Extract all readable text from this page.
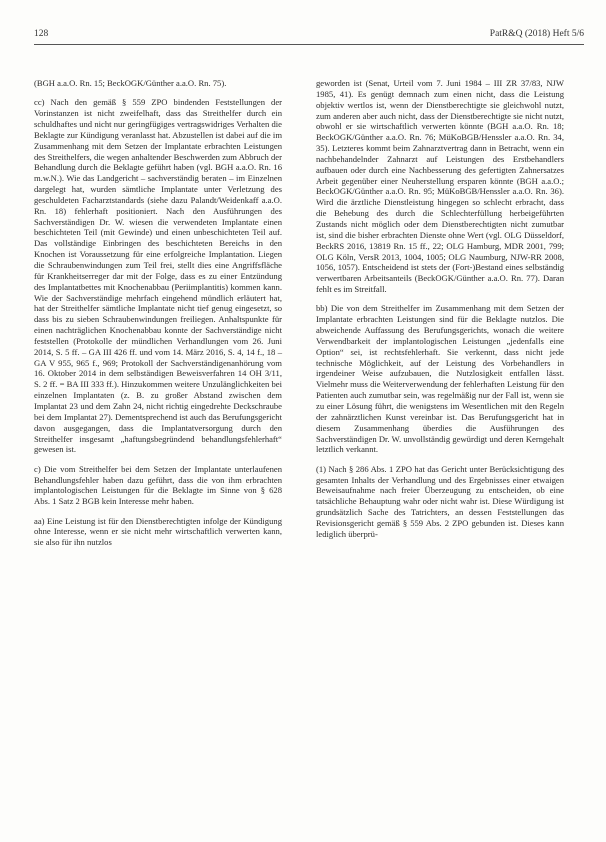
128	PatR&Q (2018) Heft 5/6

(BGH a.a.O. Rn. 15; BeckOGK/Günther a.a.O. Rn. 75).

cc) Nach den gemäß § 559 ZPO bindenden Feststellungen der Vorinstanzen ist nicht zweifelhaft, dass das Streithelfer durch ein schuldhaftes und nicht nur geringfügiges vertragswidriges Verhalten die Beklagte zur Kündigung veranlasst hat. Abzustellen ist dabei auf die im Zusammenhang mit dem Setzen der Implantate erbrachten Leistungen des Streithelfers, die wegen anhaltender Beschwerden zum Abbruch der Behandlung durch die Beklagte geführt haben (vgl. BGH a.a.O. Rn. 16 m.w.N.). Wie das Landgericht – sachverständig beraten – im Einzelnen dargelegt hat, wurden sämtliche Implantate unter Verletzung des geschuldeten Facharztstandards (siehe dazu Palandt/Weidenkaff a.a.O. Rn. 18) fehlerhaft positioniert. Nach den Ausführungen des Sachverständigen Dr. W. wiesen die verwendeten Implantate einen beschichteten Teil (mit Gewinde) und einen unbeschichteten Teil auf. Das vollständige Einbringen des beschichteten Bereichs in den Knochen ist Voraussetzung für eine erfolgreiche Implantation. Liegen die Schraubenwindungen zum Teil frei, stellt dies eine Angriffsfläche für Krankheitserreger dar mit der Folge, dass es zu einer Entzündung des Implantatbettes mit Knochenabbau (Periimplantitis) kommen kann. Wie der Sachverständige mehrfach eingehend mündlich erläutert hat, hat der Streithelfer sämtliche Implantate nicht tief genug eingesetzt, so dass bis zu sieben Schraubenwindungen freiliegen. Anhaltspunkte für einen nachträglichen Knochenabbau konnte der Sachverständige nicht feststellen (Protokolle der mündlichen Verhandlungen vom 26. Juni 2014, S. 5 ff. – GA III 426 ff. und vom 14. März 2016, S. 4, 14 f., 18 – GA V 955, 965 f., 969; Protokoll der Sachverständigenanhörung vom 16. Oktober 2014 in dem selbständigen Beweisverfahren 14 OH 3/11, S. 2 ff. = BA III 333 ff.). Hinzukommen weitere Unzulänglichkeiten bei einzelnen Implantaten (z. B. zu großer Abstand zwischen dem Implantat 23 und dem Zahn 24, nicht richtig eingedrehte Deckschraube bei dem Implantat 27). Dementsprechend ist auch das Berufungsgericht davon ausgegangen, dass die Implantatversorgung durch den Streithelfer insgesamt „haftungsbegründend behandlungsfehlerhaft“ gewesen ist.

c) Die vom Streithelfer bei dem Setzen der Implantate unterlaufenen Behandlungsfehler haben dazu geführt, dass die von ihm erbrachten implantologischen Leistungen für die Beklagte im Sinne von § 628 Abs. 1 Satz 2 BGB kein Interesse mehr haben.

aa) Eine Leistung ist für den Dienstberechtigten infolge der Kündigung ohne Interesse, wenn er sie nicht mehr wirtschaftlich verwerten kann, sie also für ihn nutzlos

geworden ist (Senat, Urteil vom 7. Juni 1984 – III ZR 37/83, NJW 1985, 41). Es genügt demnach zum einen nicht, dass die Leistung objektiv wertlos ist, wenn der Dienstberechtigte sie gleichwohl nutzt, zum anderen aber auch nicht, dass der Dienstberechtigte sie nicht nutzt, obwohl er sie wirtschaftlich verwerten könnte (BGH a.a.O. Rn. 18; BeckOGK/Günther a.a.O. Rn. 76; MüKoBGB/Henssler a.a.O. Rn. 34, 35). Letzteres kommt beim Zahnarztvertrag dann in Betracht, wenn ein nachbehandelnder Zahnarzt auf Leistungen des Erstbehandlers aufbauen oder durch eine Nachbesserung des gefertigten Zahnersatzes Arbeit gegenüber einer Neuherstellung ersparen könnte (BGH a.a.O.; BeckOGK/Günther a.a.O. Rn. 95; MüKoBGB/Henssler a.a.O. Rn. 36). Wird die ärztliche Dienstleistung hingegen so schlecht erbracht, dass die Behebung des durch die Schlechterfüllung herbeigeführten Zustands nicht möglich oder dem Dienstberechtigten nicht zumutbar ist, sind die bisher erbrachten Dienste ohne Wert (vgl. OLG Düsseldorf, BeckRS 2016, 13819 Rn. 15 ff., 22; OLG Hamburg, MDR 2001, 799; OLG Köln, VersR 2013, 1004, 1005; OLG Naumburg, NJW-RR 2008, 1056, 1057). Entscheidend ist stets der (Fort-)Bestand eines selbständig verwertbaren Arbeitsanteils (BeckOGK/Günther a.a.O. Rn. 77). Daran fehlt es im Streitfall.

bb) Die von dem Streithelfer im Zusammenhang mit dem Setzen der Implantate erbrachten Leistungen sind für die Beklagte nutzlos. Die abweichende Auffassung des Berufungsgerichts, wonach die weitere Verwendbarkeit der implantologischen Leistungen „jedenfalls eine Option“ sei, ist rechtsfehlerhaft. Sie verkennt, dass nicht jede technische Möglichkeit, auf der Leistung des Vorbehandlers in irgendeiner Weise aufzubauen, die Nutzlosigkeit entfallen lässt. Vielmehr muss die Weiterverwendung der fehlerhaften Leistung für den Patienten auch zumutbar sein, was regelmäßig nur der Fall ist, wenn sie zu einer Lösung führt, die wenigstens im Wesentlichen mit den Regeln der zahnärztlichen Kunst vereinbar ist. Das Berufungsgericht hat in diesem Zusammenhang überdies die Ausführungen des Sachverständigen Dr. W. unvollständig gewürdigt und deren Kerngehalt letztlich verkannt.

(1) Nach § 286 Abs. 1 ZPO hat das Gericht unter Berücksichtigung des gesamten Inhalts der Verhandlung und des Ergebnisses einer etwaigen Beweisaufnahme nach freier Überzeugung zu entscheiden, ob eine tatsächliche Behauptung wahr oder nicht wahr ist. Diese Würdigung ist grundsätzlich Sache des Tatrichters, an dessen Feststellungen das Revisionsgericht gemäß § 559 Abs. 2 ZPO gebunden ist. Dieses kann lediglich überprü-
